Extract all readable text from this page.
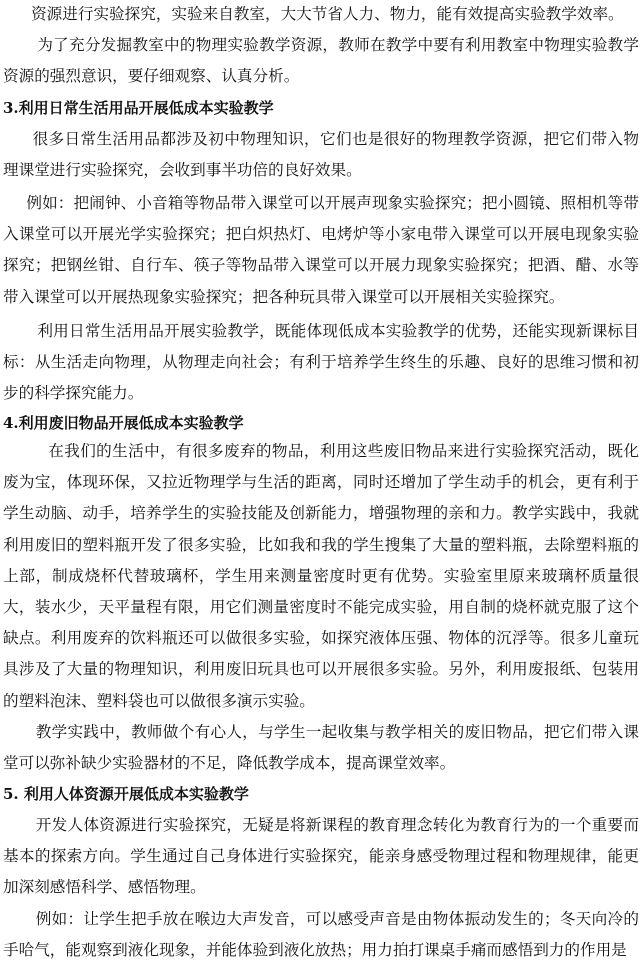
资源进行实验探究，实验来自教室，大大节省人力、物力，能有效提高实验教学效率。

为了充分发掘教室中的物理实验教学资源，教师在教学中要有利用教室中物理实验教学资源的强烈意识，要仔细观察、认真分析。

3.利用日常生活用品开展低成本实验教学

很多日常生活用品都涉及初中物理知识，它们也是很好的物理教学资源，把它们带入物理课堂进行实验探究，会收到事半功倍的良好效果。

例如：把闹钟、小音箱等物品带入课堂可以开展声现象实验探究；把小圆镜、照相机等带入课堂可以开展光学实验探究；把白炽热灯、电烤炉等小家电带入课堂可以开展电现象实验探究；把钢丝钳、自行车、筷子等物品带入课堂可以开展力现象实验探究；把酒、醋、水等带入课堂可以开展热现象实验探究；把各种玩具带入课堂可以开展相关实验探究。

利用日常生活用品开展实验教学，既能体现低成本实验教学的优势，还能实现新课标目标：从生活走向物理，从物理走向社会；有利于培养学生终生的乐趣、良好的思维习惯和初步的科学探究能力。

4.利用废旧物品开展低成本实验教学

在我们的生活中，有很多废弃的物品，利用这些废旧物品来进行实验探究活动，既化废为宝，体现环保，又拉近物理学与生活的距离，同时还增加了学生动手的机会，更有利于学生动脑、动手，培养学生的实验技能及创新能力，增强物理的亲和力。教学实践中，我就利用废旧的塑料瓶开发了很多实验，比如我和我的学生搜集了大量的塑料瓶，去除塑料瓶的上部，制成烧杯代替玻璃杯，学生用来测量密度时更有优势。实验室里原来玻璃杯质量很大，装水少，天平量程有限，用它们测量密度时不能完成实验，用自制的烧杯就克服了这个缺点。利用废弃的饮料瓶还可以做很多实验，如探究液体压强、物体的沉浮等。很多儿童玩具涉及了大量的物理知识，利用废旧玩具也可以开展很多实验。另外，利用废报纸、包装用的塑料泡沫、塑料袋也可以做很多演示实验。

教学实践中，教师做个有心人，与学生一起收集与教学相关的废旧物品，把它们带入课堂可以弥补缺少实验器材的不足，降低教学成本，提高课堂效率。

5. 利用人体资源开展低成本实验教学

开发人体资源进行实验探究，无疑是将新课程的教育理念转化为教育行为的一个重要而基本的探索方向。学生通过自己身体进行实验探究，能亲身感受物理过程和物理规律，能更加深刻感悟科学、感悟物理。

例如：让学生把手放在喉边大声发音，可以感受声音是由物体振动发生的；冬天向冷的手哈气，能观察到液化现象，并能体验到液化放热；用力拍打课桌手痛而感悟到力的作用是
